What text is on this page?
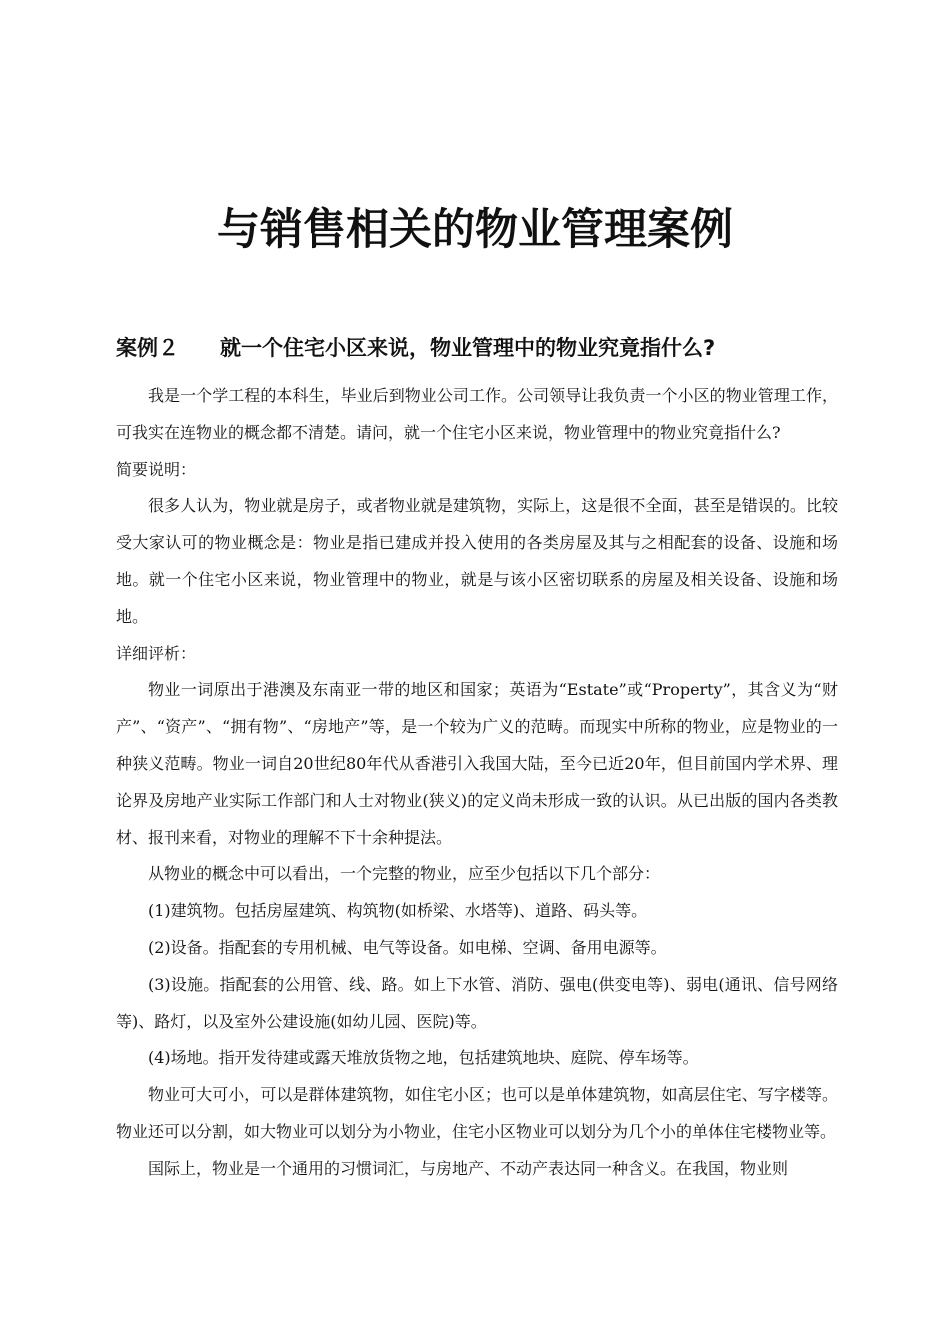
与销售相关的物业管理案例
案例２ 就一个住宅小区来说，物业管理中的物业究竟指什么?

我是一个学工程的本科生，毕业后到物业公司工作。公司领导让我负责一个小区的物业管理工作，可我实在连物业的概念都不清楚。请问，就一个住宅小区来说，物业管理中的物业究竟指什么?

简要说明：

很多人认为，物业就是房子，或者物业就是建筑物，实际上，这是很不全面，甚至是错误的。比较受大家认可的物业概念是：物业是指已建成并投入使用的各类房屋及其与之相配套的设备、设施和场地。就一个住宅小区来说，物业管理中的物业，就是与该小区密切联系的房屋及相关设备、设施和场地。

详细评析：

物业一词原出于港澳及东南亚一带的地区和国家；英语为“Estate”或“Property”，其含义为“财产”、“资产”、“拥有物”、“房地产”等，是一个较为广义的范畴。而现实中所称的物业，应是物业的一种狭义范畴。物业一词自20世纪80年代从香港引入我国大陆，至今已近20年，但目前国内学术界、理论界及房地产业实际工作部门和人士对物业(狭义)的定义尚未形成一致的认识。从已出版的国内各类教材、报刊来看，对物业的理解不下十余种提法。

从物业的概念中可以看出，一个完整的物业，应至少包括以下几个部分：

(1)建筑物。包括房屋建筑、构筑物(如桥梁、水塔等)、道路、码头等。

(2)设备。指配套的专用机械、电气等设备。如电梯、空调、备用电源等。

(3)设施。指配套的公用管、线、路。如上下水管、消防、强电(供变电等)、弱电(通讯、信号网络等)、路灯，以及室外公建设施(如幼儿园、医院)等。

(4)场地。指开发待建或露天堆放货物之地，包括建筑地块、庭院、停车场等。

物业可大可小，可以是群体建筑物，如住宅小区；也可以是单体建筑物，如高层住宅、写字楼等。物业还可以分割，如大物业可以划分为小物业，住宅小区物业可以划分为几个小的单体住宅楼物业等。

国际上，物业是一个通用的习惯词汇，与房地产、不动产表达同一种含义。在我国，物业则
